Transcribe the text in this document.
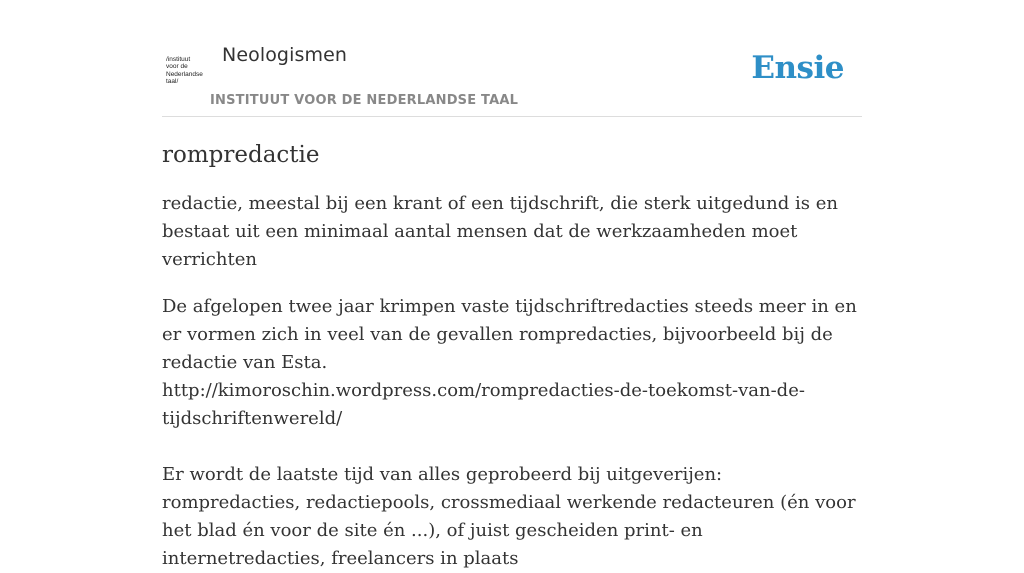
/instituut
voor de
Nederlandse
taal/
Neologismen
INSTITUUT VOOR DE NEDERLANDSE TAAL
Ensie
rompredactie

redactie, meestal bij een krant of een tijdschrift, die sterk uitgedund is en bestaat uit een minimaal aantal mensen dat de werkzaamheden moet verrichten

De afgelopen twee jaar krimpen vaste tijdschriftredacties steeds meer in en er vormen zich in veel van de gevallen rompredacties, bijvoorbeeld bij de redactie van Esta.

http://kimoroschin.wordpress.com/rompredacties-de-toekomst-van-de-tijdschriftenwereld/

Er wordt de laatste tijd van alles geprobeerd bij uitgeverijen: rompredacties, redactiepools, crossmediaal werkende redacteuren (én voor het blad én voor de site én ...), of juist gescheiden print- en internetredacties, freelancers in plaats
